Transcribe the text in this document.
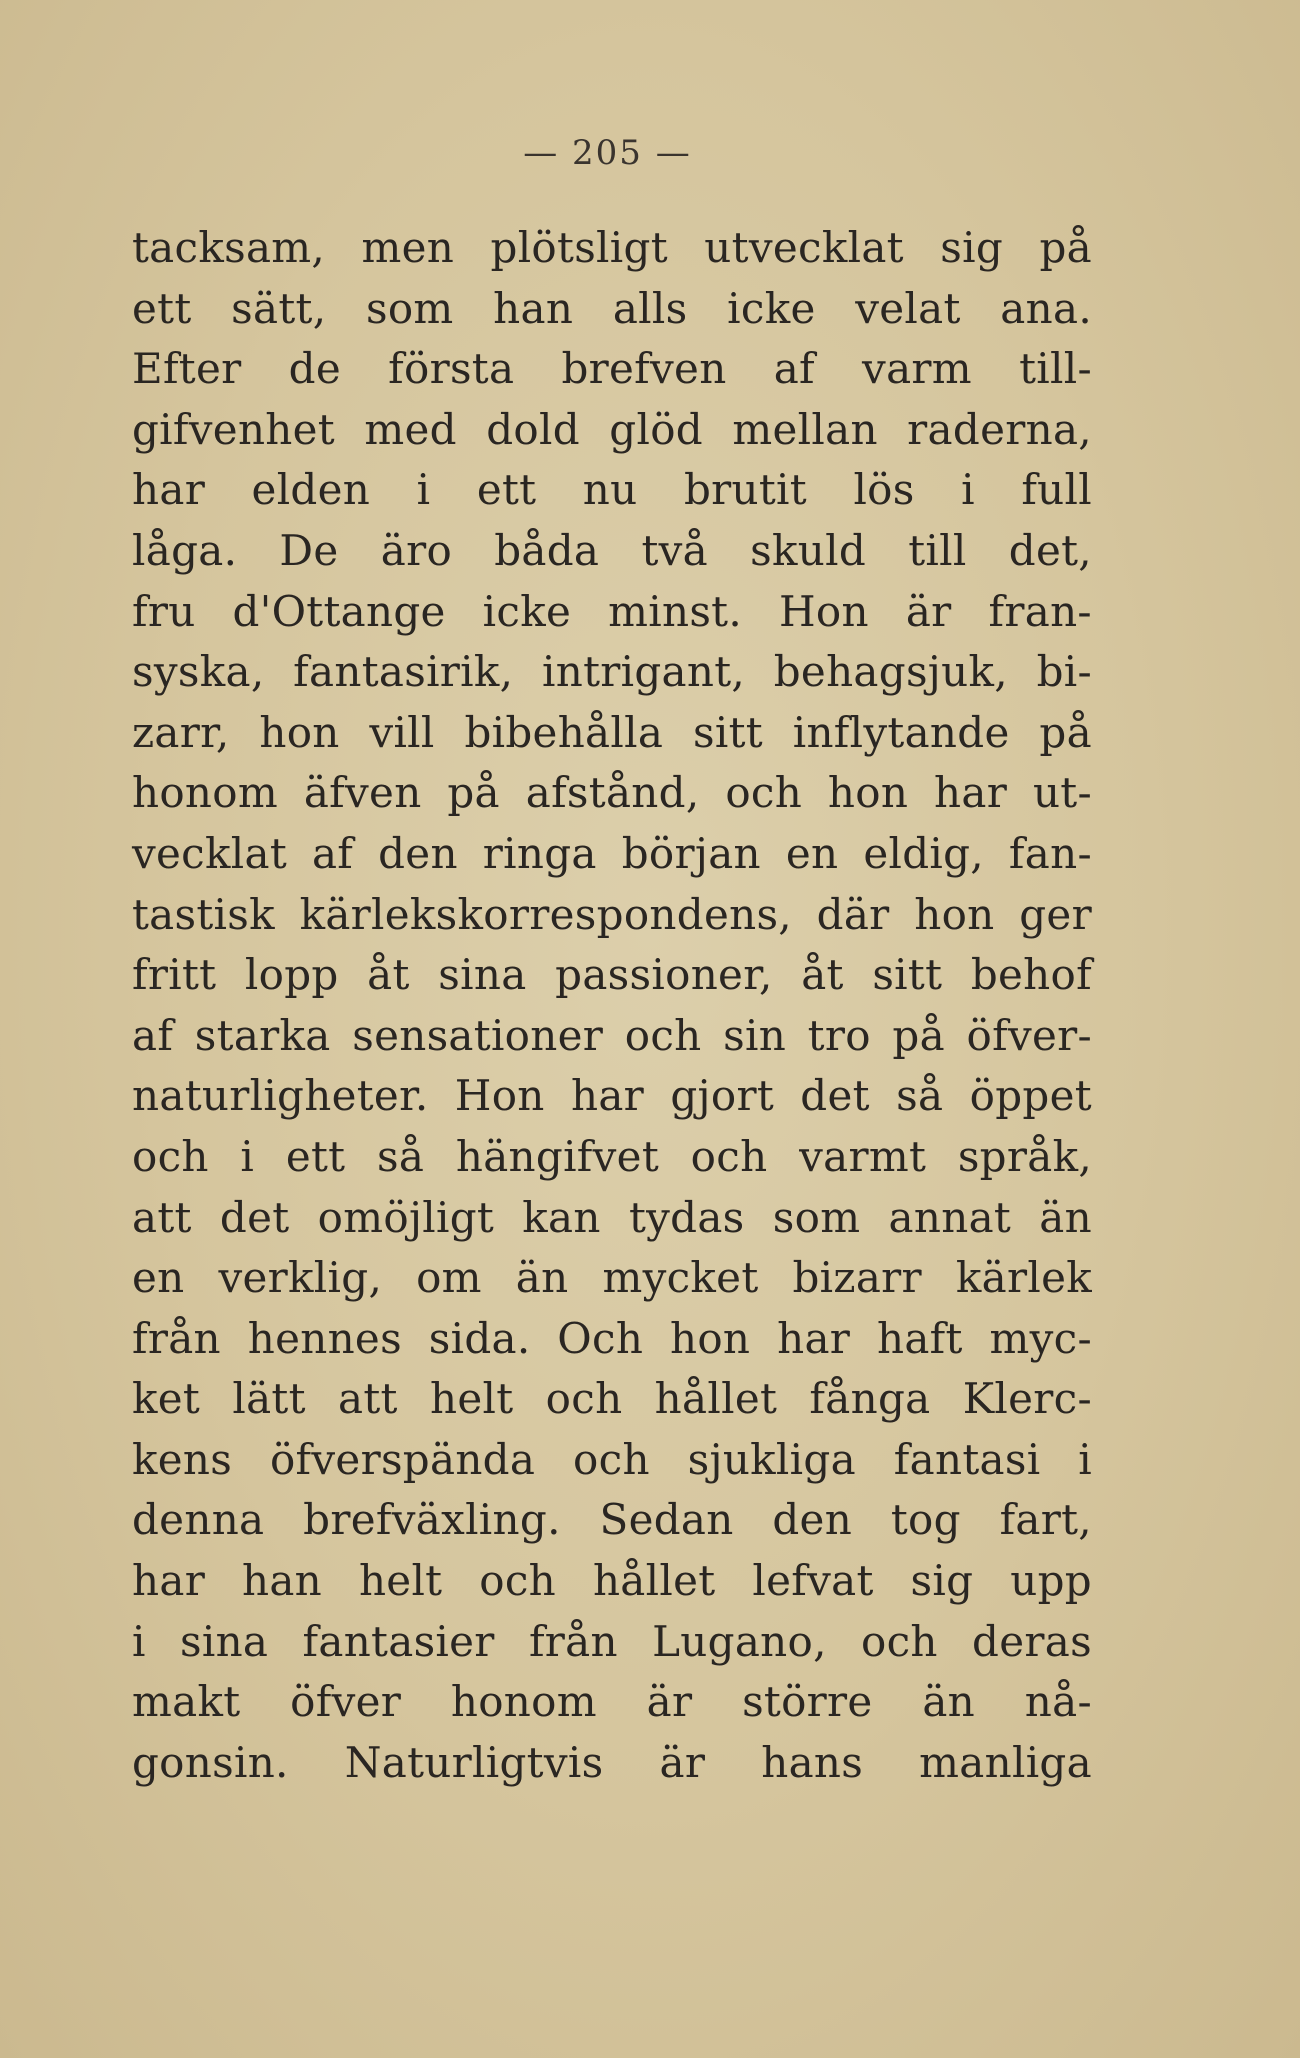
— 205 —
tacksam, men plötsligt utvecklat sig på
ett sätt, som han alls icke velat ana.
Efter de första brefven af varm till-
gifvenhet med dold glöd mellan raderna,
har elden i ett nu brutit lös i full
låga. De äro båda två skuld till det,
fru d'Ottange icke minst. Hon är fran-
syska, fantasirik, intrigant, behagsjuk, bi-
zarr, hon vill bibehålla sitt inflytande på
honom äfven på afstånd, och hon har ut-
vecklat af den ringa början en eldig, fan-
tastisk kärlekskorrespondens, där hon ger
fritt lopp åt sina passioner, åt sitt behof
af starka sensationer och sin tro på öfver-
naturligheter. Hon har gjort det så öppet
och i ett så hängifvet och varmt språk,
att det omöjligt kan tydas som annat än
en verklig, om än mycket bizarr kärlek
från hennes sida. Och hon har haft myc-
ket lätt att helt och hållet fånga Klerc-
kens öfverspända och sjukliga fantasi i
denna brefväxling. Sedan den tog fart,
har han helt och hållet lefvat sig upp
i sina fantasier från Lugano, och deras
makt öfver honom är större än nå-
gonsin. Naturligtvis är hans manliga
